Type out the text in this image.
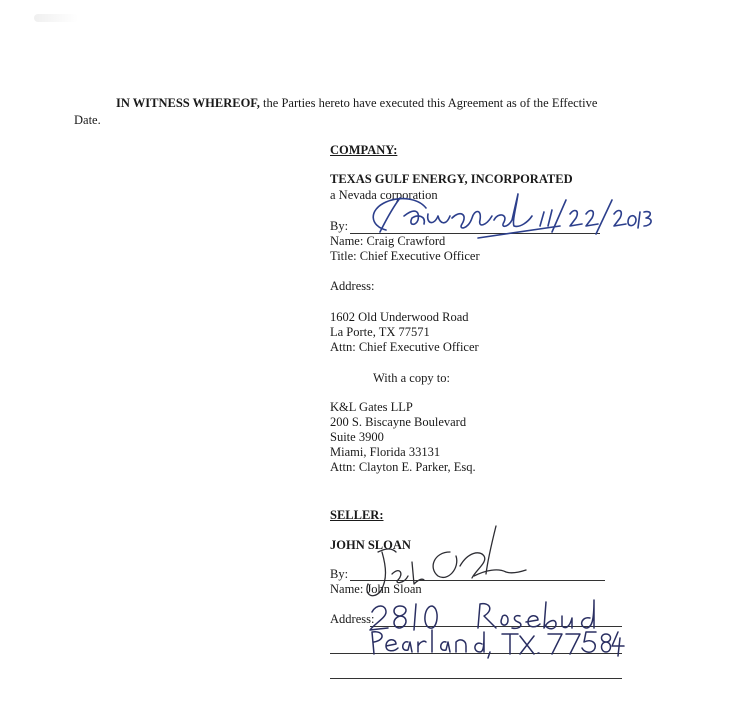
IN WITNESS WHEREOF, the Parties hereto have executed this Agreement as of the Effective
Date.
COMPANY:
TEXAS GULF ENERGY, INCORPORATED
a Nevada corporation
By:
Name: Craig Crawford
Title: Chief Executive Officer
Address:
1602 Old Underwood Road
La Porte, TX 77571
Attn: Chief Executive Officer
With a copy to:
K&L Gates LLP
200 S. Biscayne Boulevard
Suite 3900
Miami, Florida 33131
Attn: Clayton E. Parker, Esq.
SELLER:
JOHN SLOAN
By:
Name: John Sloan
Address:
